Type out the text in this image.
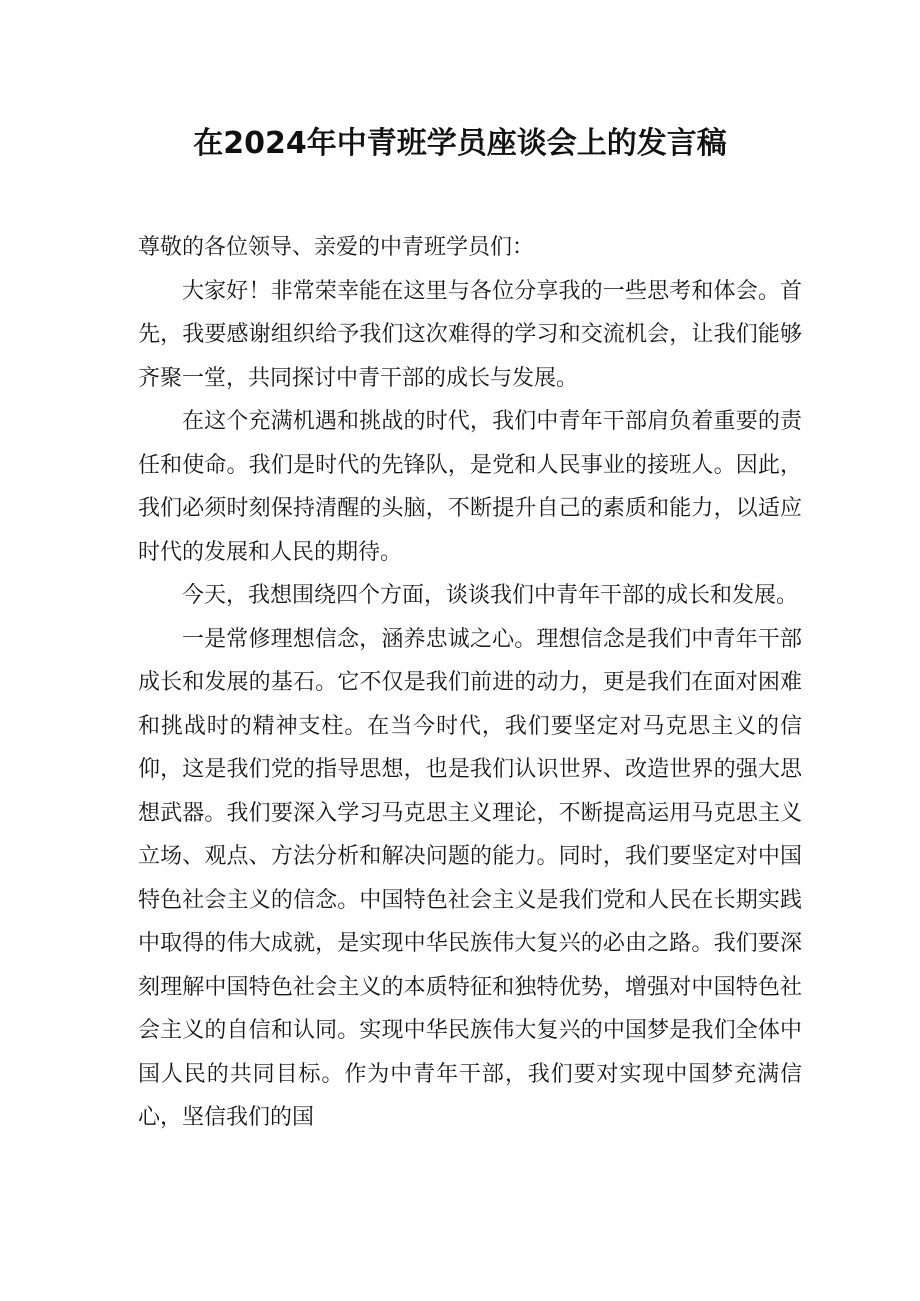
在2024年中青班学员座谈会上的发言稿

尊敬的各位领导、亲爱的中青班学员们：

大家好！非常荣幸能在这里与各位分享我的一些思考和体会。首先，我要感谢组织给予我们这次难得的学习和交流机会，让我们能够齐聚一堂，共同探讨中青干部的成长与发展。

在这个充满机遇和挑战的时代，我们中青年干部肩负着重要的责任和使命。我们是时代的先锋队，是党和人民事业的接班人。因此，我们必须时刻保持清醒的头脑，不断提升自己的素质和能力，以适应时代的发展和人民的期待。

今天，我想围绕四个方面，谈谈我们中青年干部的成长和发展。

一是常修理想信念，涵养忠诚之心。理想信念是我们中青年干部成长和发展的基石。它不仅是我们前进的动力，更是我们在面对困难和挑战时的精神支柱。在当今时代，我们要坚定对马克思主义的信仰，这是我们党的指导思想，也是我们认识世界、改造世界的强大思想武器。我们要深入学习马克思主义理论，不断提高运用马克思主义立场、观点、方法分析和解决问题的能力。同时，我们要坚定对中国特色社会主义的信念。中国特色社会主义是我们党和人民在长期实践中取得的伟大成就，是实现中华民族伟大复兴的必由之路。我们要深刻理解中国特色社会主义的本质特征和独特优势，增强对中国特色社会主义的自信和认同。实现中华民族伟大复兴的中国梦是我们全体中国人民的共同目标。作为中青年干部，我们要对实现中国梦充满信心，坚信我们的国
